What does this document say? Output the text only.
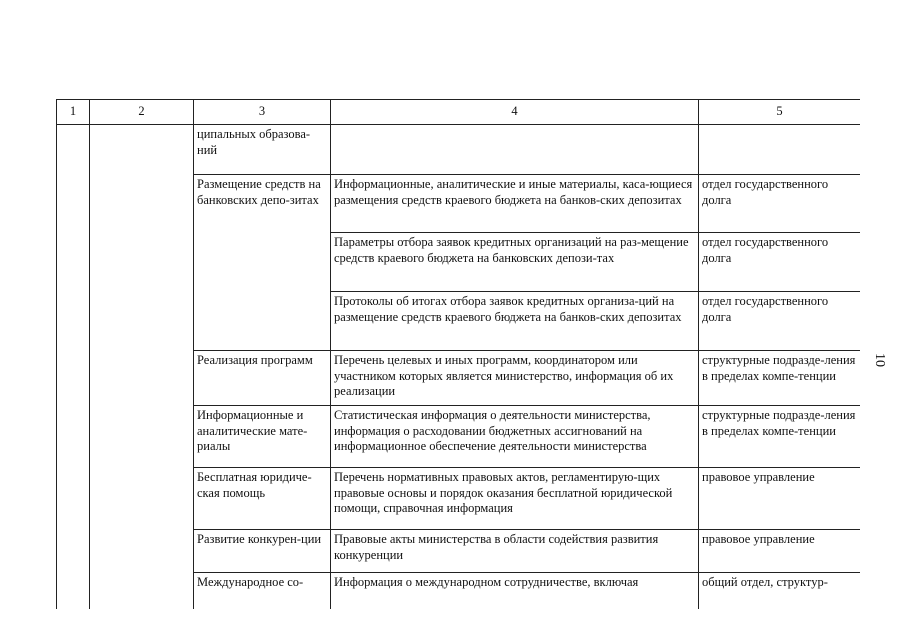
1	2	3	4	5

		ципальных образова-ний		

		Размещение средств на банковских депо-зитах	Информационные, аналитические и иные материалы, каса-ющиеся размещения средств краевого бюджета на банков-ских депозитах	отдел государственного долга

			Параметры отбора заявок кредитных организаций на раз-мещение средств краевого бюджета на банковских депози-тах	отдел государственного долга

			Протоколы об итогах отбора заявок кредитных организа-ций на размещение средств краевого бюджета на банков-ских депозитах	отдел государственного долга

		Реализация программ	Перечень целевых и иных программ, координатором или участником которых является министерство, информация об их реализации	структурные подразде-ления в пределах компе-тенции

		Информационные и аналитические мате-риалы	Статистическая информация о деятельности министерства, информация о расходовании бюджетных ассигнований на информационное обеспечение деятельности министерства	структурные подразде-ления в пределах компе-тенции

		Бесплатная юридиче-ская помощь	Перечень нормативных правовых актов, регламентирую-щих правовые основы и порядок оказания бесплатной юридической помощи, справочная информация	правовое управление

		Развитие конкурен-ции	Правовые акты министерства в области содействия развития конкуренции	правовое управление
		Международное со-	Информация о международном сотрудничестве, включая	общий отдел, структур-
10
